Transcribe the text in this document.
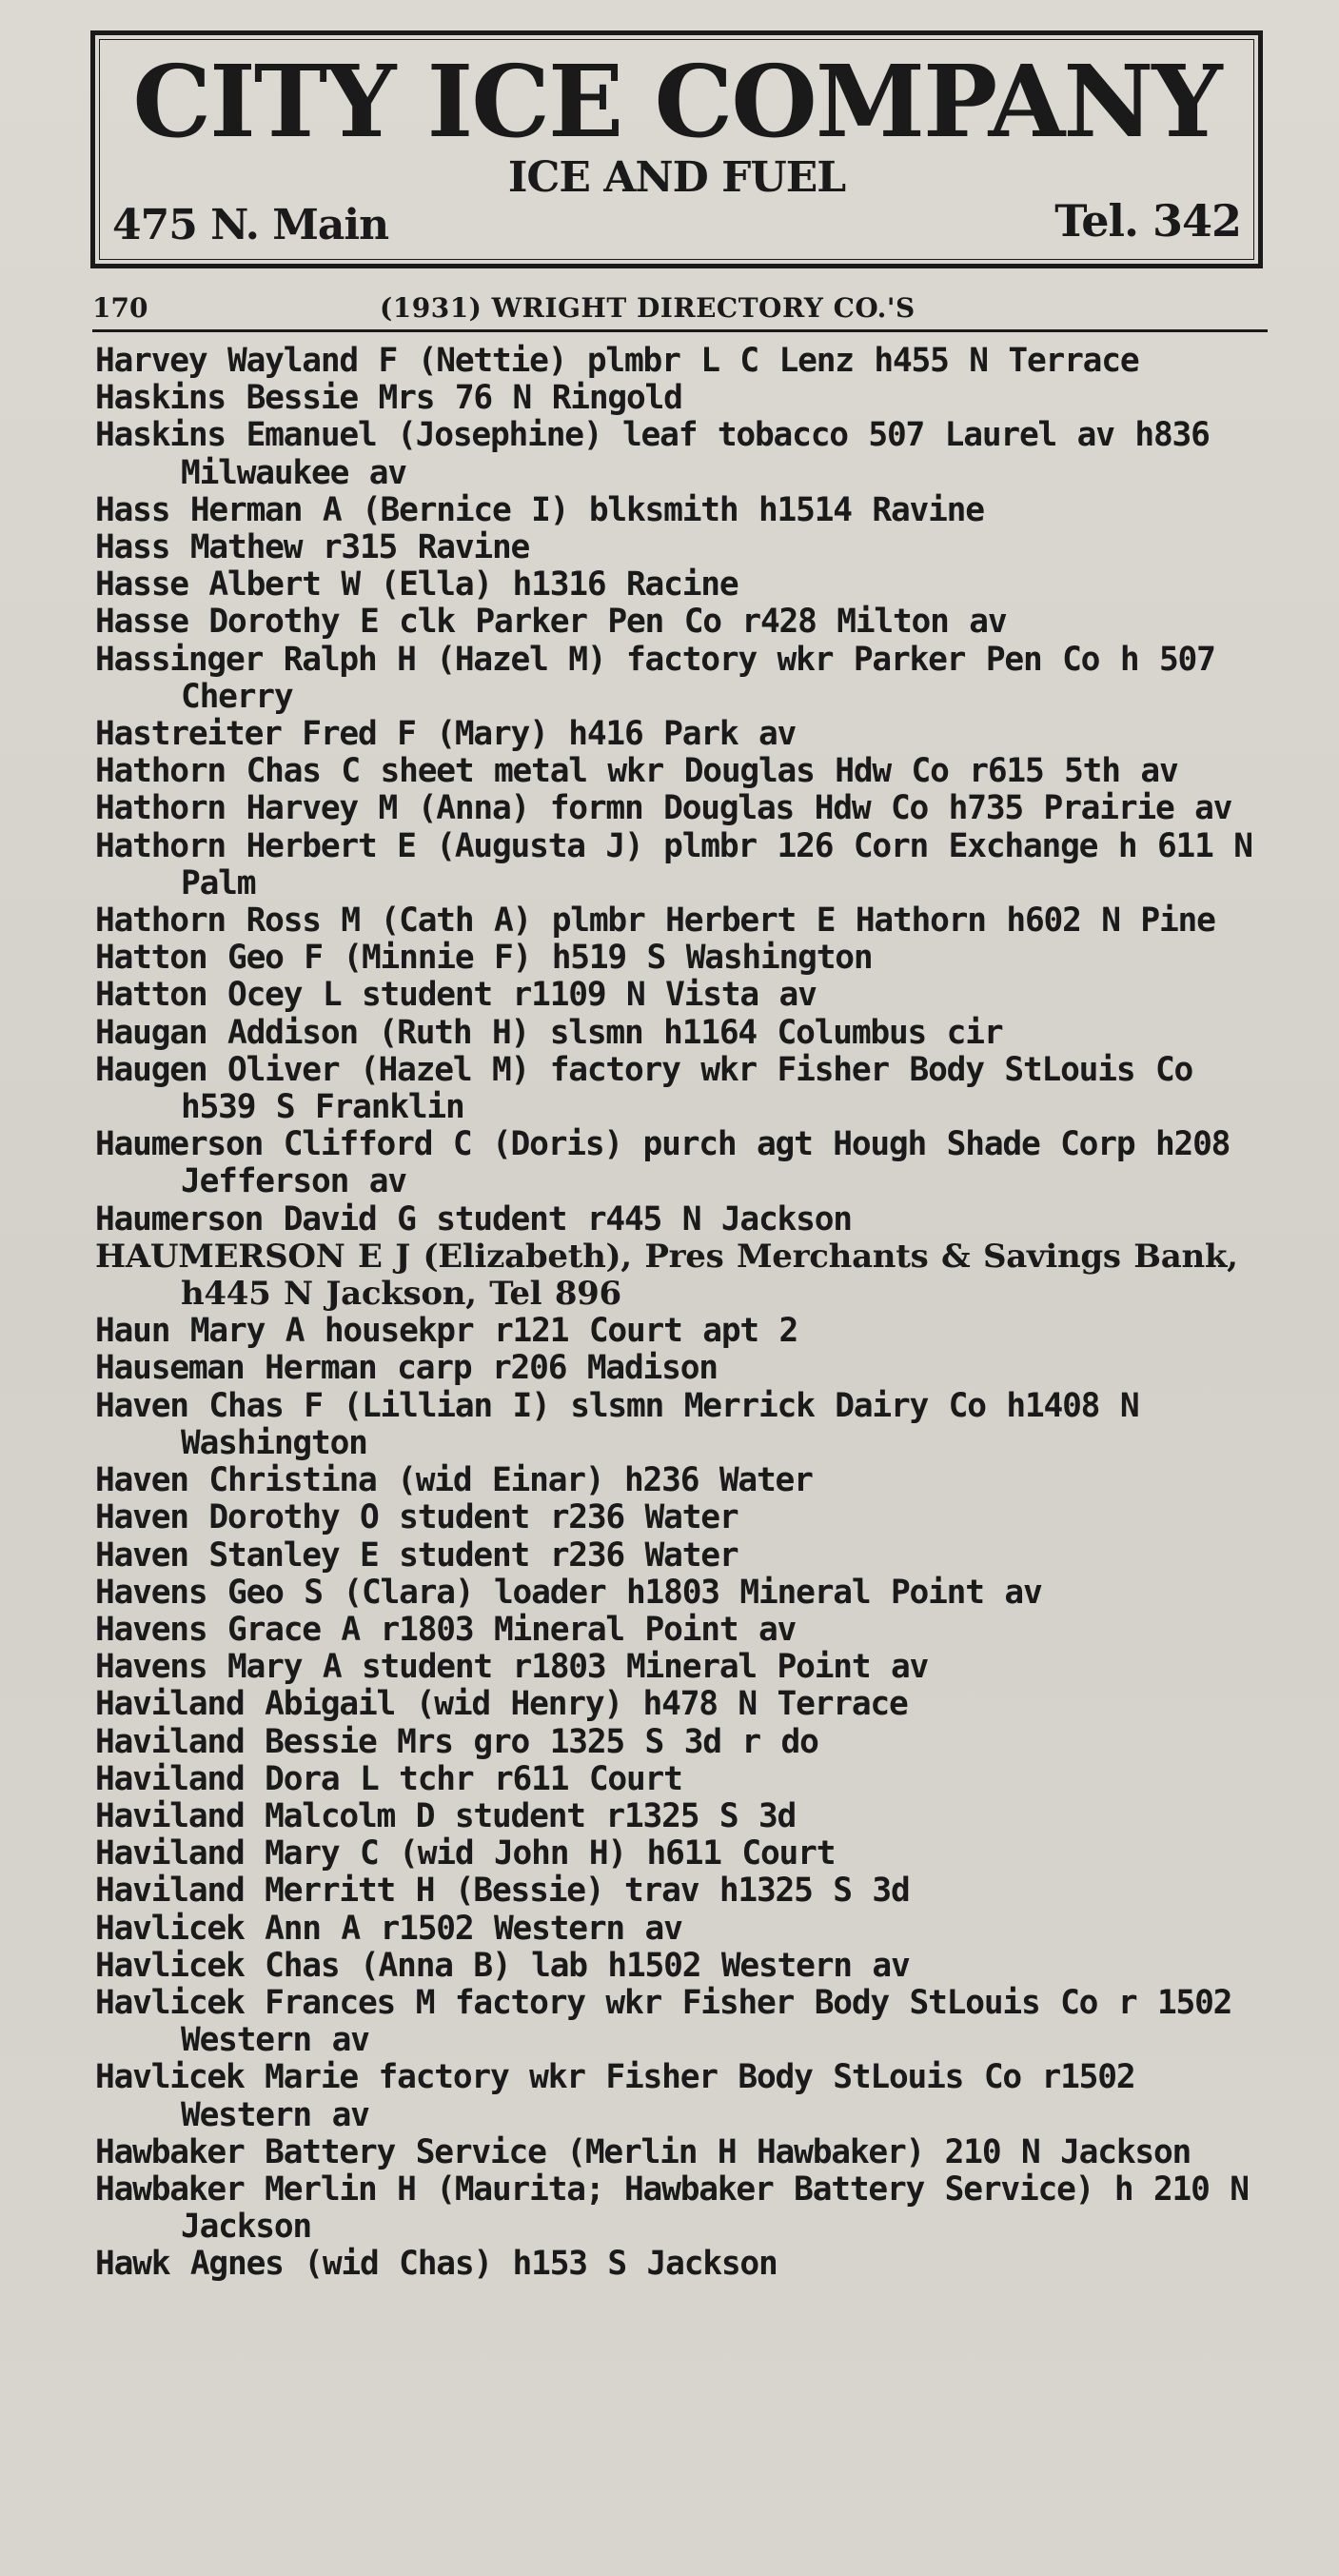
CITY ICE COMPANY
ICE AND FUEL
475 N. Main	Tel. 342
170	(1931) WRIGHT DIRECTORY CO.'S
Harvey Wayland F (Nettie) plmbr L C Lenz h455 N Terrace
Haskins Bessie Mrs 76 N Ringold
Haskins Emanuel (Josephine) leaf tobacco 507 Laurel av h836 Milwaukee av
Hass Herman A (Bernice I) blksmith h1514 Ravine
Hass Mathew r315 Ravine
Hasse Albert W (Ella) h1316 Racine
Hasse Dorothy E clk Parker Pen Co r428 Milton av
Hassinger Ralph H (Hazel M) factory wkr Parker Pen Co h 507 Cherry
Hastreiter Fred F (Mary) h416 Park av
Hathorn Chas C sheet metal wkr Douglas Hdw Co r615 5th av
Hathorn Harvey M (Anna) formn Douglas Hdw Co h735 Prairie av
Hathorn Herbert E (Augusta J) plmbr 126 Corn Exchange h 611 N Palm
Hathorn Ross M (Cath A) plmbr Herbert E Hathorn h602 N Pine
Hatton Geo F (Minnie F) h519 S Washington
Hatton Ocey L student r1109 N Vista av
Haugan Addison (Ruth H) slsmn h1164 Columbus cir
Haugen Oliver (Hazel M) factory wkr Fisher Body StLouis Co h539 S Franklin
Haumerson Clifford C (Doris) purch agt Hough Shade Corp h208 Jefferson av
Haumerson David G student r445 N Jackson
HAUMERSON E J (Elizabeth), Pres Merchants & Savings Bank, h445 N Jackson, Tel 896
Haun Mary A housekpr r121 Court apt 2
Hauseman Herman carp r206 Madison
Haven Chas F (Lillian I) slsmn Merrick Dairy Co h1408 N Washington
Haven Christina (wid Einar) h236 Water
Haven Dorothy O student r236 Water
Haven Stanley E student r236 Water
Havens Geo S (Clara) loader h1803 Mineral Point av
Havens Grace A r1803 Mineral Point av
Havens Mary A student r1803 Mineral Point av
Haviland Abigail (wid Henry) h478 N Terrace
Haviland Bessie Mrs gro 1325 S 3d r do
Haviland Dora L tchr r611 Court
Haviland Malcolm D student r1325 S 3d
Haviland Mary C (wid John H) h611 Court
Haviland Merritt H (Bessie) trav h1325 S 3d
Havlicek Ann A r1502 Western av
Havlicek Chas (Anna B) lab h1502 Western av
Havlicek Frances M factory wkr Fisher Body StLouis Co r 1502 Western av
Havlicek Marie factory wkr Fisher Body StLouis Co r1502 Western av
Hawbaker Battery Service (Merlin H Hawbaker) 210 N Jackson
Hawbaker Merlin H (Maurita; Hawbaker Battery Service) h 210 N Jackson
Hawk Agnes (wid Chas) h153 S Jackson
